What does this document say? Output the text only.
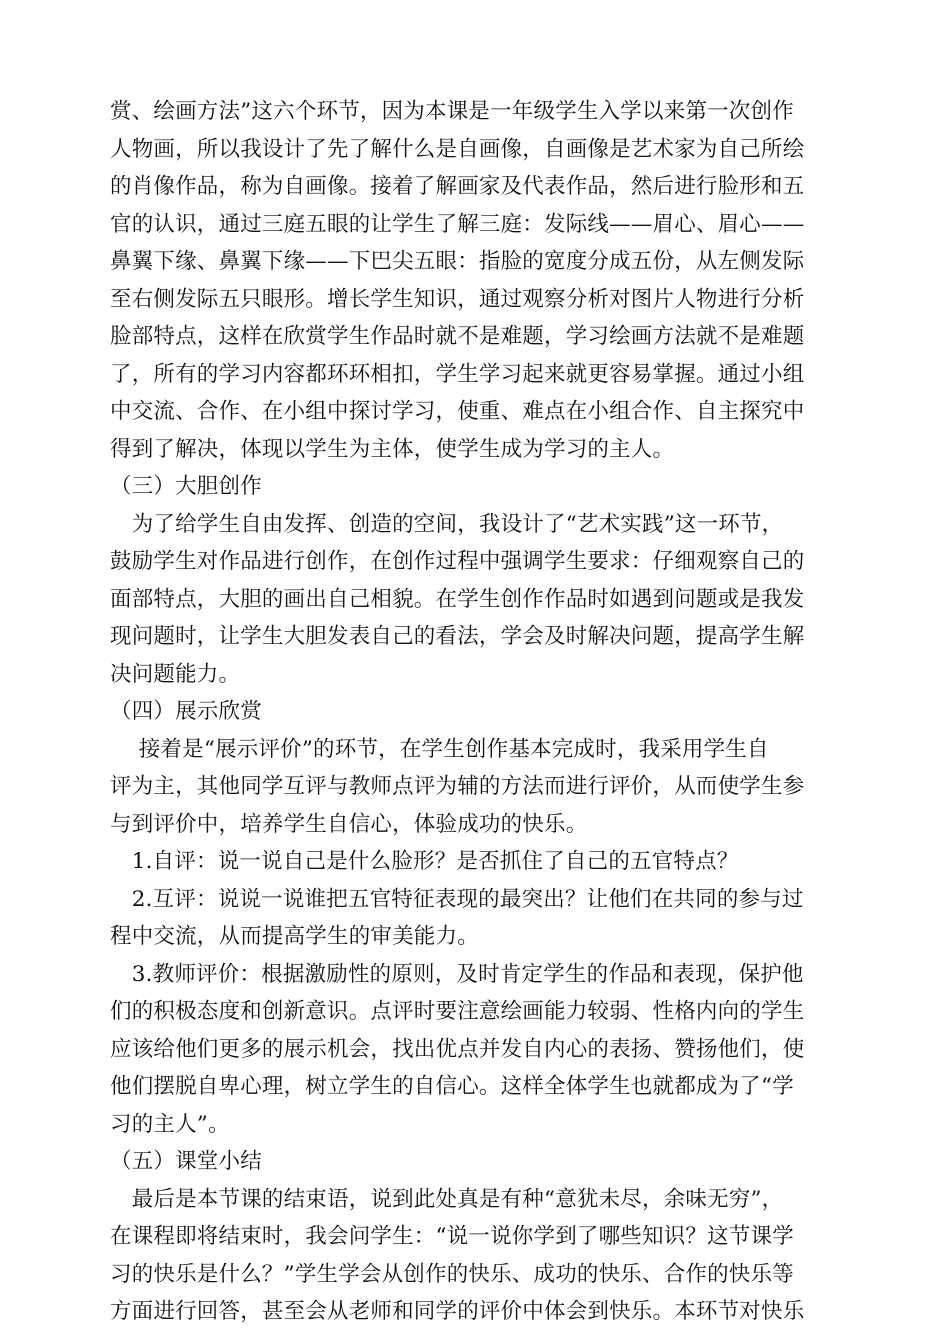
赏、绘画方法”这六个环节，因为本课是一年级学生入学以来第一次创作
人物画，所以我设计了先了解什么是自画像，自画像是艺术家为自己所绘
的肖像作品，称为自画像。接着了解画家及代表作品，然后进行脸形和五
官的认识，通过三庭五眼的让学生了解三庭：发际线——眉心、眉心——
鼻翼下缘、鼻翼下缘——下巴尖五眼：指脸的宽度分成五份，从左侧发际
至右侧发际五只眼形。增长学生知识，通过观察分析对图片人物进行分析
脸部特点，这样在欣赏学生作品时就不是难题，学习绘画方法就不是难题
了，所有的学习内容都环环相扣，学生学习起来就更容易掌握。通过小组
中交流、合作、在小组中探讨学习，使重、难点在小组合作、自主探究中
得到了解决，体现以学生为主体，使学生成为学习的主人。
（三）大胆创作
　为了给学生自由发挥、创造的空间，我设计了“艺术实践”这一环节，
鼓励学生对作品进行创作，在创作过程中强调学生要求：仔细观察自己的
面部特点，大胆的画出自己相貌。在学生创作作品时如遇到问题或是我发
现问题时，让学生大胆发表自己的看法，学会及时解决问题，提高学生解
决问题能力。
（四）展示欣赏
　 接着是“展示评价”的环节，在学生创作基本完成时，我采用学生自
评为主，其他同学互评与教师点评为辅的方法而进行评价，从而使学生参
与到评价中，培养学生自信心，体验成功的快乐。
　1.自评：说一说自己是什么脸形？是否抓住了自己的五官特点？
　2.互评：说说一说谁把五官特征表现的最突出？让他们在共同的参与过
程中交流，从而提高学生的审美能力。
　3.教师评价：根据激励性的原则，及时肯定学生的作品和表现，保护他
们的积极态度和创新意识。点评时要注意绘画能力较弱、性格内向的学生
应该给他们更多的展示机会，找出优点并发自内心的表扬、赞扬他们，使
他们摆脱自卑心理，树立学生的自信心。这样全体学生也就都成为了“学
习的主人”。
（五）课堂小结
　最后是本节课的结束语，说到此处真是有种“意犹未尽，余味无穷”，
在课程即将结束时，我会问学生：“说一说你学到了哪些知识？这节课学
习的快乐是什么？”学生学会从创作的快乐、成功的快乐、合作的快乐等
方面进行回答，甚至会从老师和同学的评价中体会到快乐。本环节对快乐
